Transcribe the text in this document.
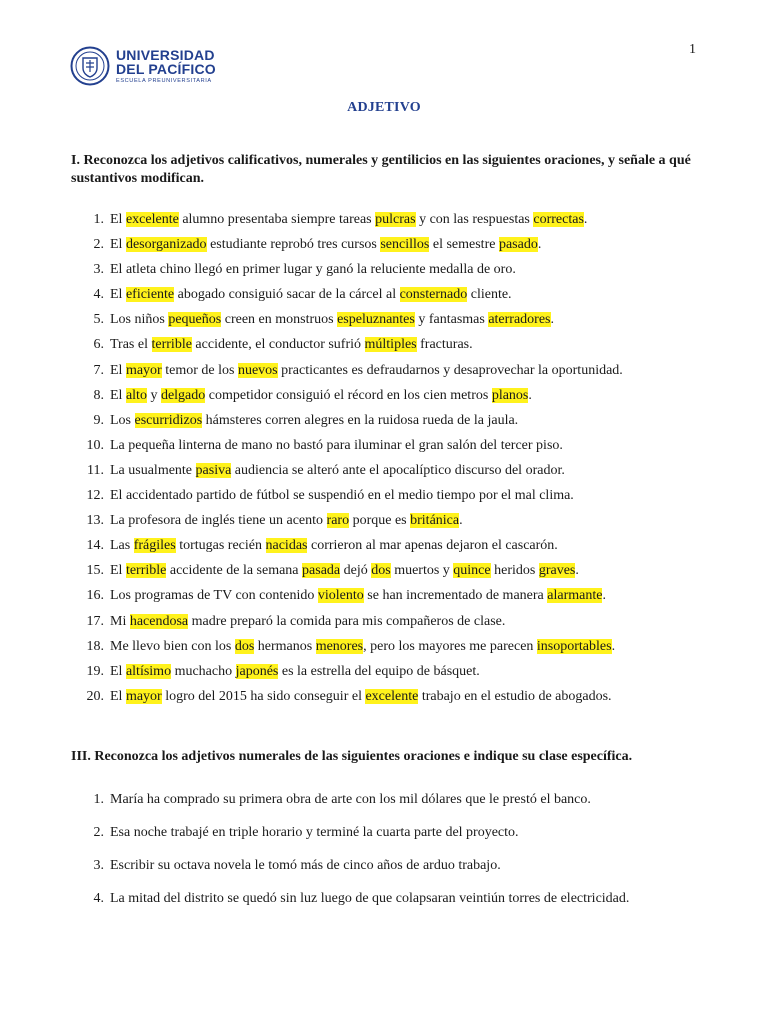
1
UNIVERSIDAD
DEL PACÍFICO
ESCUELA PREUNIVERSITARIA
ADJETIVO
I. Reconozca los adjetivos calificativos, numerales y gentilicios en las siguientes oraciones, y señale a qué sustantivos modifican.
1. El excelente alumno presentaba siempre tareas pulcras y con las respuestas correctas.
2. El desorganizado estudiante reprobó tres cursos sencillos el semestre pasado.
3. El atleta chino llegó en primer lugar y ganó la reluciente medalla de oro.
4. El eficiente abogado consiguió sacar de la cárcel al consternado cliente.
5. Los niños pequeños creen en monstruos espeluznantes y fantasmas aterradores.
6. Tras el terrible accidente, el conductor sufrió múltiples fracturas.
7. El mayor temor de los nuevos practicantes es defraudarnos y desaprovechar la oportunidad.
8. El alto y delgado competidor consiguió el récord en los cien metros planos.
9. Los escurridizos hámsteres corren alegres en la ruidosa rueda de la jaula.
10. La pequeña linterna de mano no bastó para iluminar el gran salón del tercer piso.
11. La usualmente pasiva audiencia se alteró ante el apocalíptico discurso del orador.
12. El accidentado partido de fútbol se suspendió en el medio tiempo por el mal clima.
13. La profesora de inglés tiene un acento raro porque es británica.
14. Las frágiles tortugas recién nacidas corrieron al mar apenas dejaron el cascarón.
15. El terrible accidente de la semana pasada dejó dos muertos y quince heridos graves.
16. Los programas de TV con contenido violento se han incrementado de manera alarmante.
17. Mi hacendosa madre preparó la comida para mis compañeros de clase.
18. Me llevo bien con los dos hermanos menores, pero los mayores me parecen insoportables.
19. El altísimo muchacho japonés es la estrella del equipo de básquet.
20. El mayor logro del 2015 ha sido conseguir el excelente trabajo en el estudio de abogados.
III. Reconozca los adjetivos numerales de las siguientes oraciones e indique su clase específica.
1. María ha comprado su primera obra de arte con los mil dólares que le prestó el banco.
2. Esa noche trabajé en triple horario y terminé la cuarta parte del proyecto.
3. Escribir su octava novela le tomó más de cinco años de arduo trabajo.
4. La mitad del distrito se quedó sin luz luego de que colapsaran veintiún torres de electricidad.
